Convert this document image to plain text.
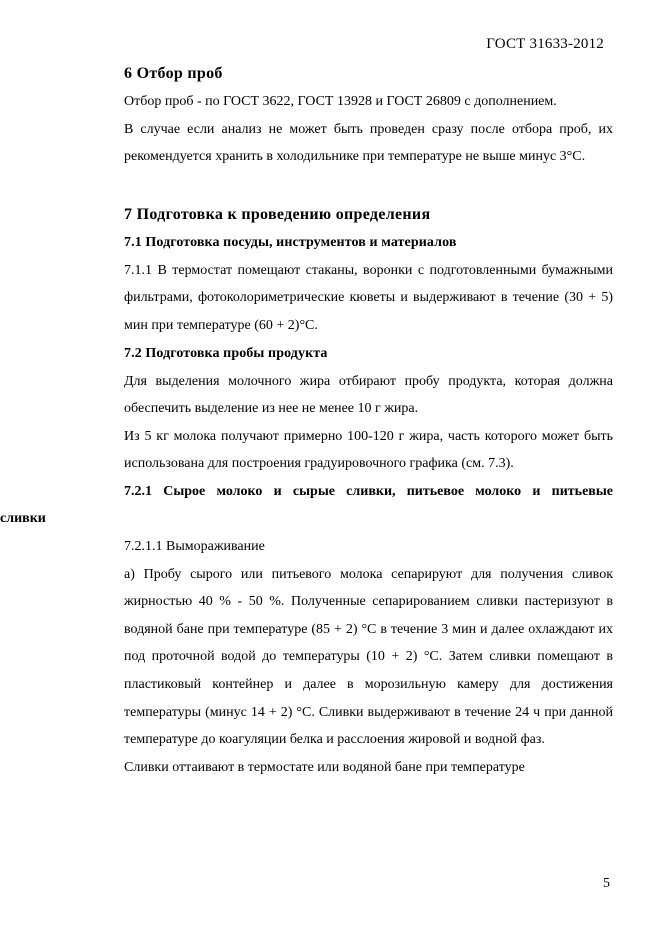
ГОСТ 31633-2012
6 Отбор проб

Отбор проб - по ГОСТ 3622, ГОСТ 13928 и ГОСТ 26809 с дополнением.

В случае если анализ не может быть проведен сразу после отбора проб, их рекомендуется хранить в холодильнике при температуре не выше минус 3°С.

7 Подготовка к проведению определения
7.1 Подготовка посуды, инструментов и материалов

7.1.1 В термостат помещают стаканы, воронки с подготовленными бумажными фильтрами, фотоколориметрические кюветы и выдерживают в течение (30 + 5) мин при температуре (60 + 2)°С.

7.2 Подготовка пробы продукта

Для выделения молочного жира отбирают пробу продукта, которая должна обеспечить выделение из нее не менее 10 г жира.

Из 5 кг молока получают примерно 100-120 г жира, часть которого может быть использована для построения градуировочного графика (см. 7.3).

7.2.1 Сырое молоко и сырые сливки, питьевое молоко и питьевые
сливки

7.2.1.1 Вымораживание

а) Пробу сырого или питьевого молока сепарируют для получения сливок жирностью 40 % - 50 %. Полученные сепарированием сливки пастеризуют в водяной бане при температуре (85 + 2) °С в течение 3 мин и далее охлаждают их под проточной водой до температуры (10 + 2) °С. Затем сливки помещают в пластиковый контейнер и далее в морозильную камеру для достижения температуры (минус 14 + 2) °С. Сливки выдерживают в течение 24 ч при данной температуре до коагуляции белка и расслоения жировой и водной фаз.

Сливки оттаивают в термостате или водяной бане при температуре

5
